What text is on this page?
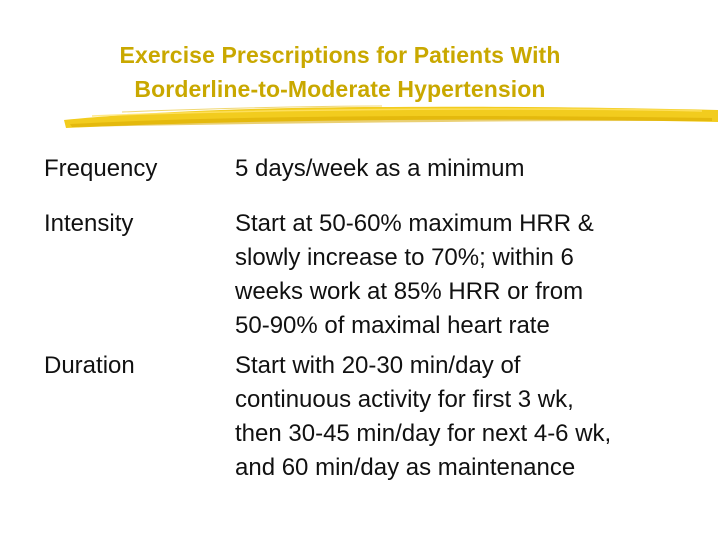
Exercise Prescriptions for Patients With
Borderline-to-Moderate Hypertension
Frequency	5 days/week as a minimum
Intensity	Start at 50-60% maximum HRR &
slowly increase to 70%; within 6
weeks work at 85% HRR or from
50-90% of maximal heart rate
Duration	Start with 20-30 min/day of
continuous activity for first 3 wk,
then 30-45 min/day for next 4-6 wk,
and 60 min/day as maintenance
